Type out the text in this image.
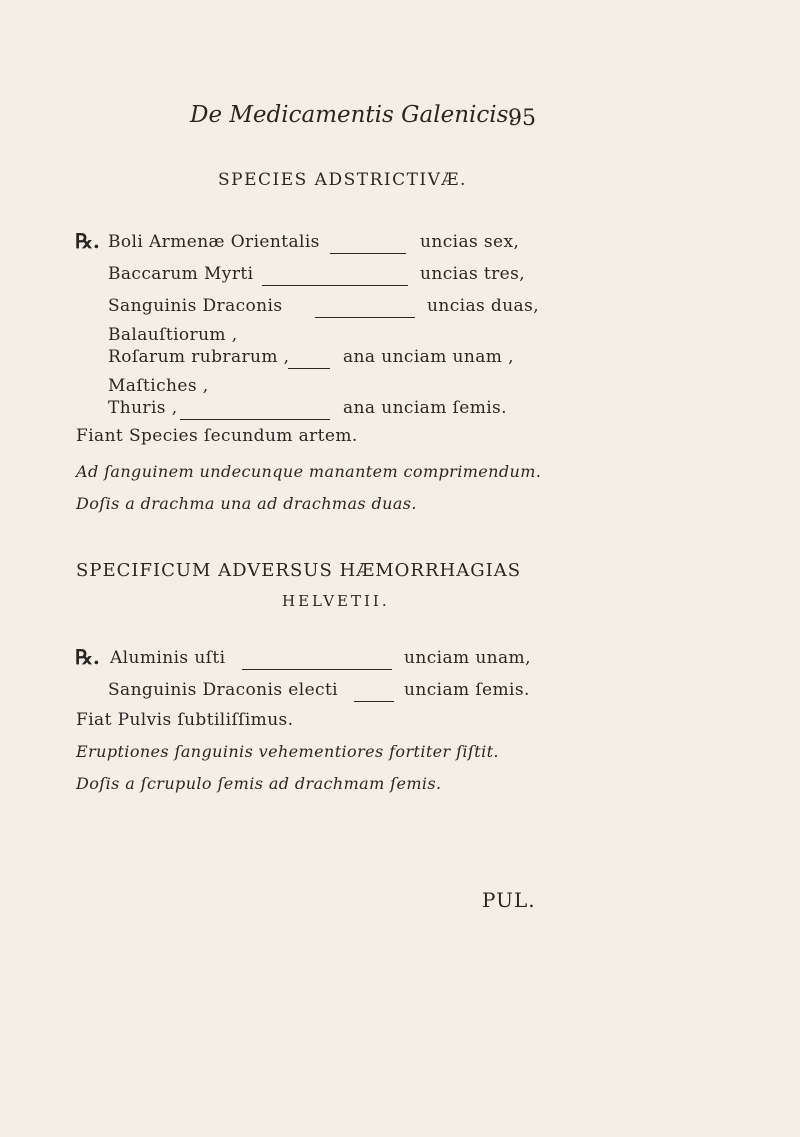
De Medicamentis Galenicis.
95
SPECIES ADSTRICTIVÆ.
℞. Boli Armenæ Orientalis	uncias sex,
Baccarum Myrti	uncias tres,
Sanguinis Draconis	uncias duas,
Balauſtiorum ,
Roſarum rubrarum ,	ana unciam unam ,
Maſtiches ,
Thuris ,	ana unciam ſemis.
Fiant Species ſecundum artem.
Ad ſanguinem undecunque manantem comprimendum.
Doſis a drachma una ad drachmas duas.
SPECIFICUM ADVERSUS HÆMORRHAGIAS
HELVETII.
℞. Aluminis uſti	unciam unam,
Sanguinis Draconis electi	unciam ſemis.
Fiat Pulvis ſubtiliſſimus.
Eruptiones ſanguinis vehementiores fortiter ſiſtit.
Doſis a ſcrupulo ſemis ad drachmam ſemis.
PUL.
